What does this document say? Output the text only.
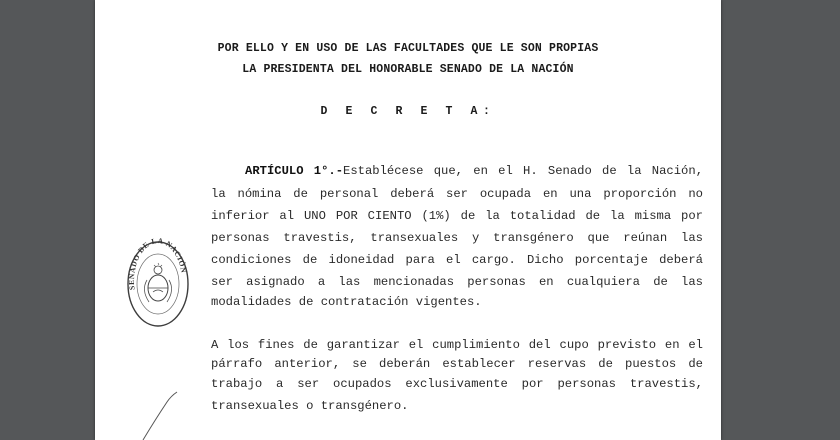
POR ELLO Y EN USO DE LAS FACULTADES QUE LE SON PROPIAS
LA PRESIDENTA DEL HONORABLE SENADO DE LA NACIÓN
D E C R E T A:
ARTÍCULO 1°.-Establécese que, en el H. Senado de la Nación,
la nómina de personal deberá ser ocupada en una proporción no
inferior al UNO POR CIENTO (1%) de la totalidad de la misma por
personas travestis, transexuales y transgénero que reúnan las
condiciones de idoneidad para el cargo. Dicho porcentaje deberá
ser asignado a las mencionadas personas en cualquiera de las
modalidades de contratación vigentes.
A los fines de garantizar el cumplimiento del cupo previsto en el
párrafo anterior, se deberán establecer reservas de puestos de
trabajo a ser ocupados exclusivamente por personas travestis,
transexuales o transgénero.
SENADO DE LA NACIÓN
